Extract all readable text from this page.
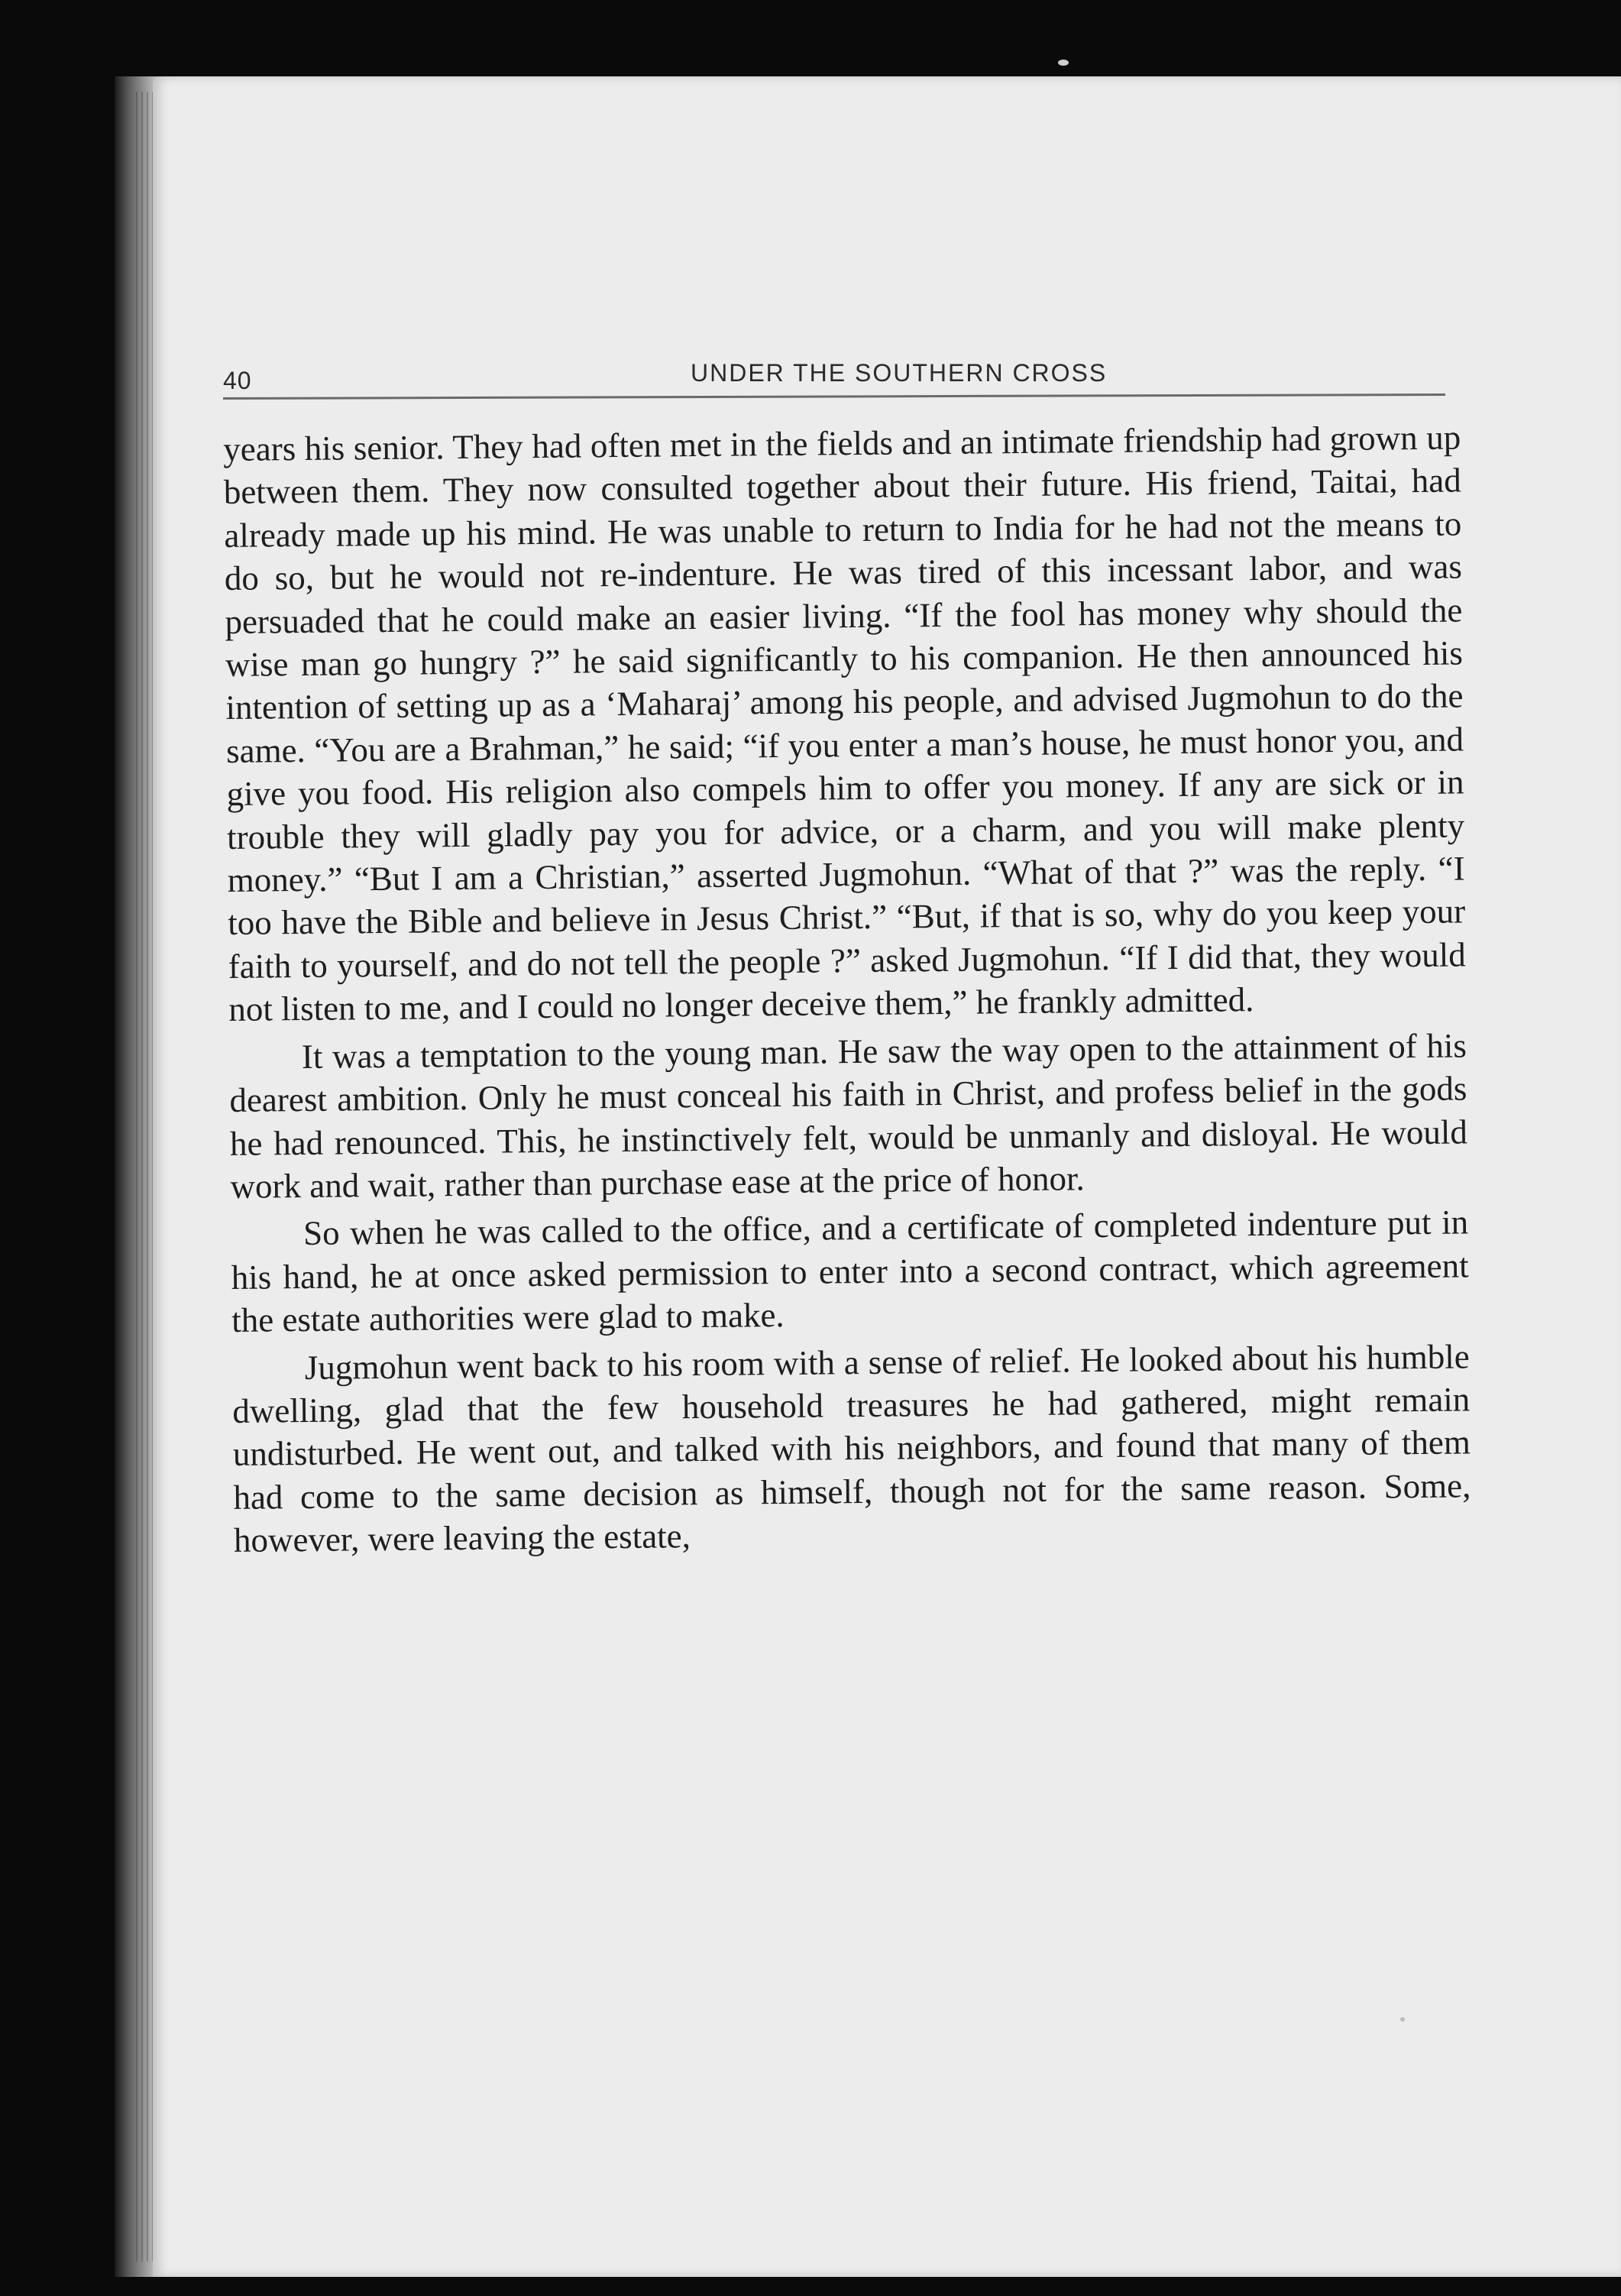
40	UNDER THE SOUTHERN CROSS

years his senior. They had often met in the fields and an intimate friendship had grown up between them. They now consulted together about their future. His friend, Taitai, had already made up his mind. He was unable to return to India for he had not the means to do so, but he would not re-indenture. He was tired of this incessant labor, and was persuaded that he could make an easier living. “If the fool has money why should the wise man go hungry ?” he said significantly to his companion. He then announced his intention of setting up as a ‘Maharaj’ among his people, and advised Jugmohun to do the same. “You are a Brahman,” he said; “if you enter a man’s house, he must honor you, and give you food. His religion also compels him to offer you money. If any are sick or in trouble they will gladly pay you for advice, or a charm, and you will make plenty money.” “But I am a Christian,” asserted Jugmohun. “What of that ?” was the reply. “I too have the Bible and believe in Jesus Christ.” “But, if that is so, why do you keep your faith to yourself, and do not tell the people ?” asked Jugmohun. “If I did that, they would not listen to me, and I could no longer deceive them,” he frankly admitted.

It was a temptation to the young man. He saw the way open to the attainment of his dearest ambition. Only he must conceal his faith in Christ, and profess belief in the gods he had renounced. This, he instinctively felt, would be unmanly and disloyal. He would work and wait, rather than purchase ease at the price of honor.

So when he was called to the office, and a certificate of completed indenture put in his hand, he at once asked permission to enter into a second contract, which agreement the estate authorities were glad to make.

Jugmohun went back to his room with a sense of relief. He looked about his humble dwelling, glad that the few household treasures he had gathered, might remain undisturbed. He went out, and talked with his neighbors, and found that many of them had come to the same decision as himself, though not for the same reason. Some, however, were leaving the estate,
